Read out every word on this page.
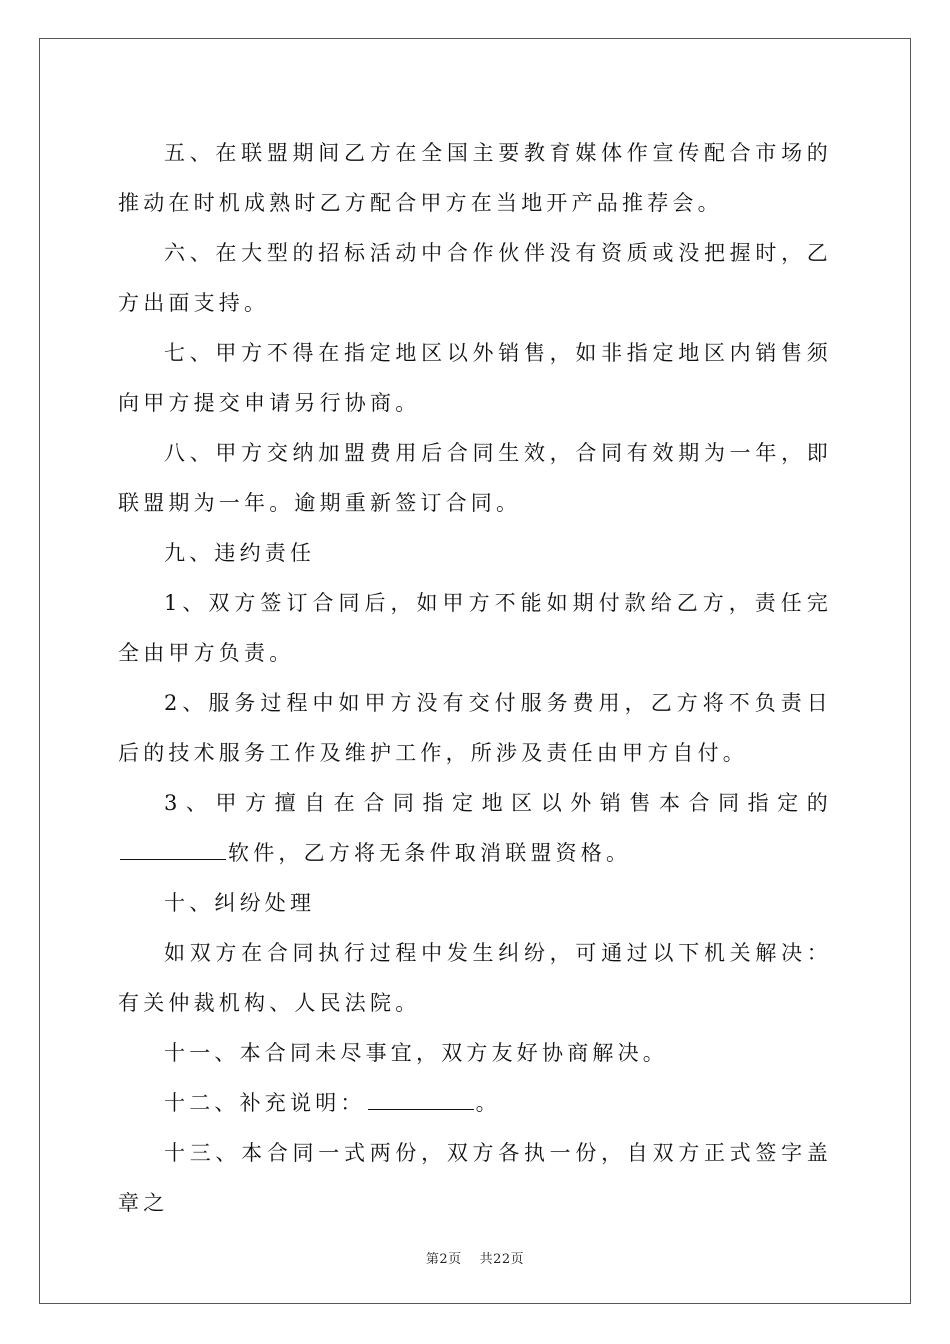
五、在联盟期间乙方在全国主要教育媒体作宣传配合市场的推动在时机成熟时乙方配合甲方在当地开产品推荐会。

六、在大型的招标活动中合作伙伴没有资质或没把握时，乙方出面支持。

七、甲方不得在指定地区以外销售，如非指定地区内销售须向甲方提交申请另行协商。

八、甲方交纳加盟费用后合同生效，合同有效期为一年，即联盟期为一年。逾期重新签订合同。

九、违约责任

1、双方签订合同后，如甲方不能如期付款给乙方，责任完全由甲方负责。

2、服务过程中如甲方没有交付服务费用，乙方将不负责日后的技术服务工作及维护工作，所涉及责任由甲方自付。

3、甲方擅自在合同指定地区以外销售本合同指定的软件，乙方将无条件取消联盟资格。

十、纠纷处理

如双方在合同执行过程中发生纠纷，可通过以下机关解决：有关仲裁机构、人民法院。

十一、本合同未尽事宜，双方友好协商解决。

十二、补充说明：	。

十三、本合同一式两份，双方各执一份，自双方正式签字盖章之

第2页 共22页
